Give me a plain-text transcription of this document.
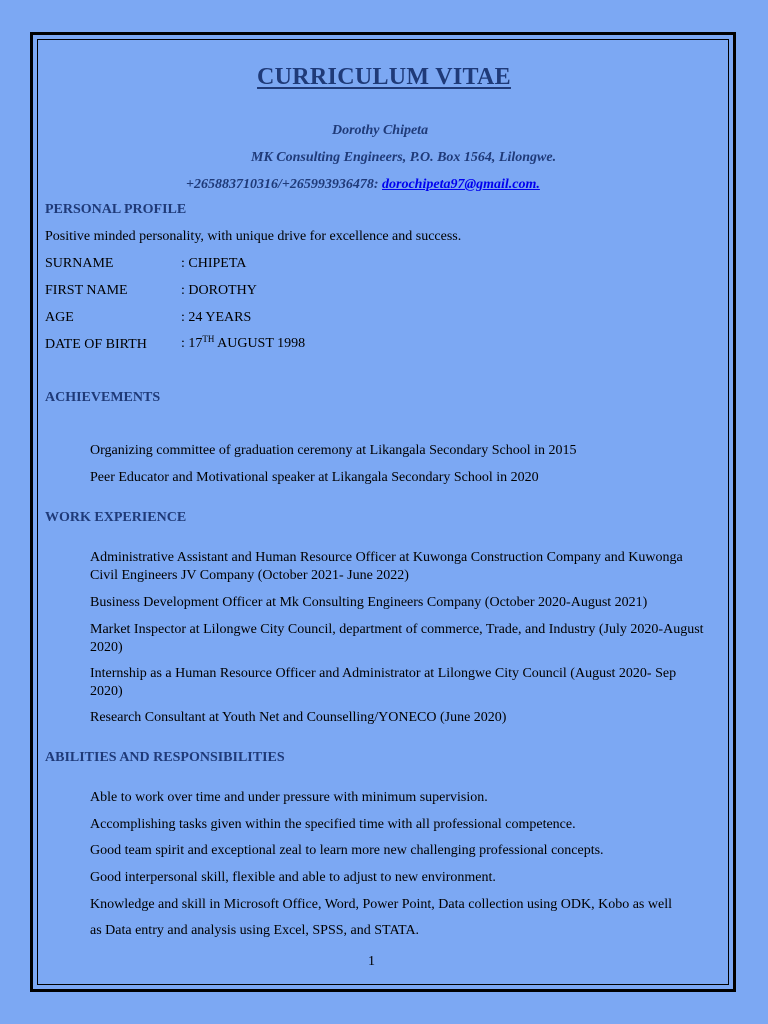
CURRICULUM VITAE
Dorothy Chipeta
MK Consulting Engineers, P.O. Box 1564, Lilongwe.
+265883710316/+265993936478: dorochipeta97@gmail.com.
PERSONAL PROFILE
Positive minded personality, with unique drive for excellence and success.
SURNAME	: CHIPETA
FIRST NAME	: DOROTHY
AGE	: 24 YEARS
DATE OF BIRTH : 17TH AUGUST 1998
ACHIEVEMENTS
Organizing committee of graduation ceremony at Likangala Secondary School in 2015
Peer Educator and Motivational speaker at Likangala Secondary School in 2020
WORK EXPERIENCE
Administrative Assistant and Human Resource Officer at Kuwonga Construction Company and Kuwonga
Civil Engineers JV Company (October 2021- June 2022)
Business Development Officer at Mk Consulting Engineers Company (October 2020-August 2021)
Market Inspector at Lilongwe City Council, department of commerce, Trade, and Industry (July 2020-August
2020)
Internship as a Human Resource Officer and Administrator at Lilongwe City Council (August 2020- Sep
2020)
Research Consultant at Youth Net and Counselling/YONECO (June 2020)
ABILITIES AND RESPONSIBILITIES
Able to work over time and under pressure with minimum supervision.
Accomplishing tasks given within the specified time with all professional competence.
Good team spirit and exceptional zeal to learn more new challenging professional concepts.
Good interpersonal skill, flexible and able to adjust to new environment.
Knowledge and skill in Microsoft Office, Word, Power Point, Data collection using ODK, Kobo as well
as Data entry and analysis using Excel, SPSS, and STATA.
1
